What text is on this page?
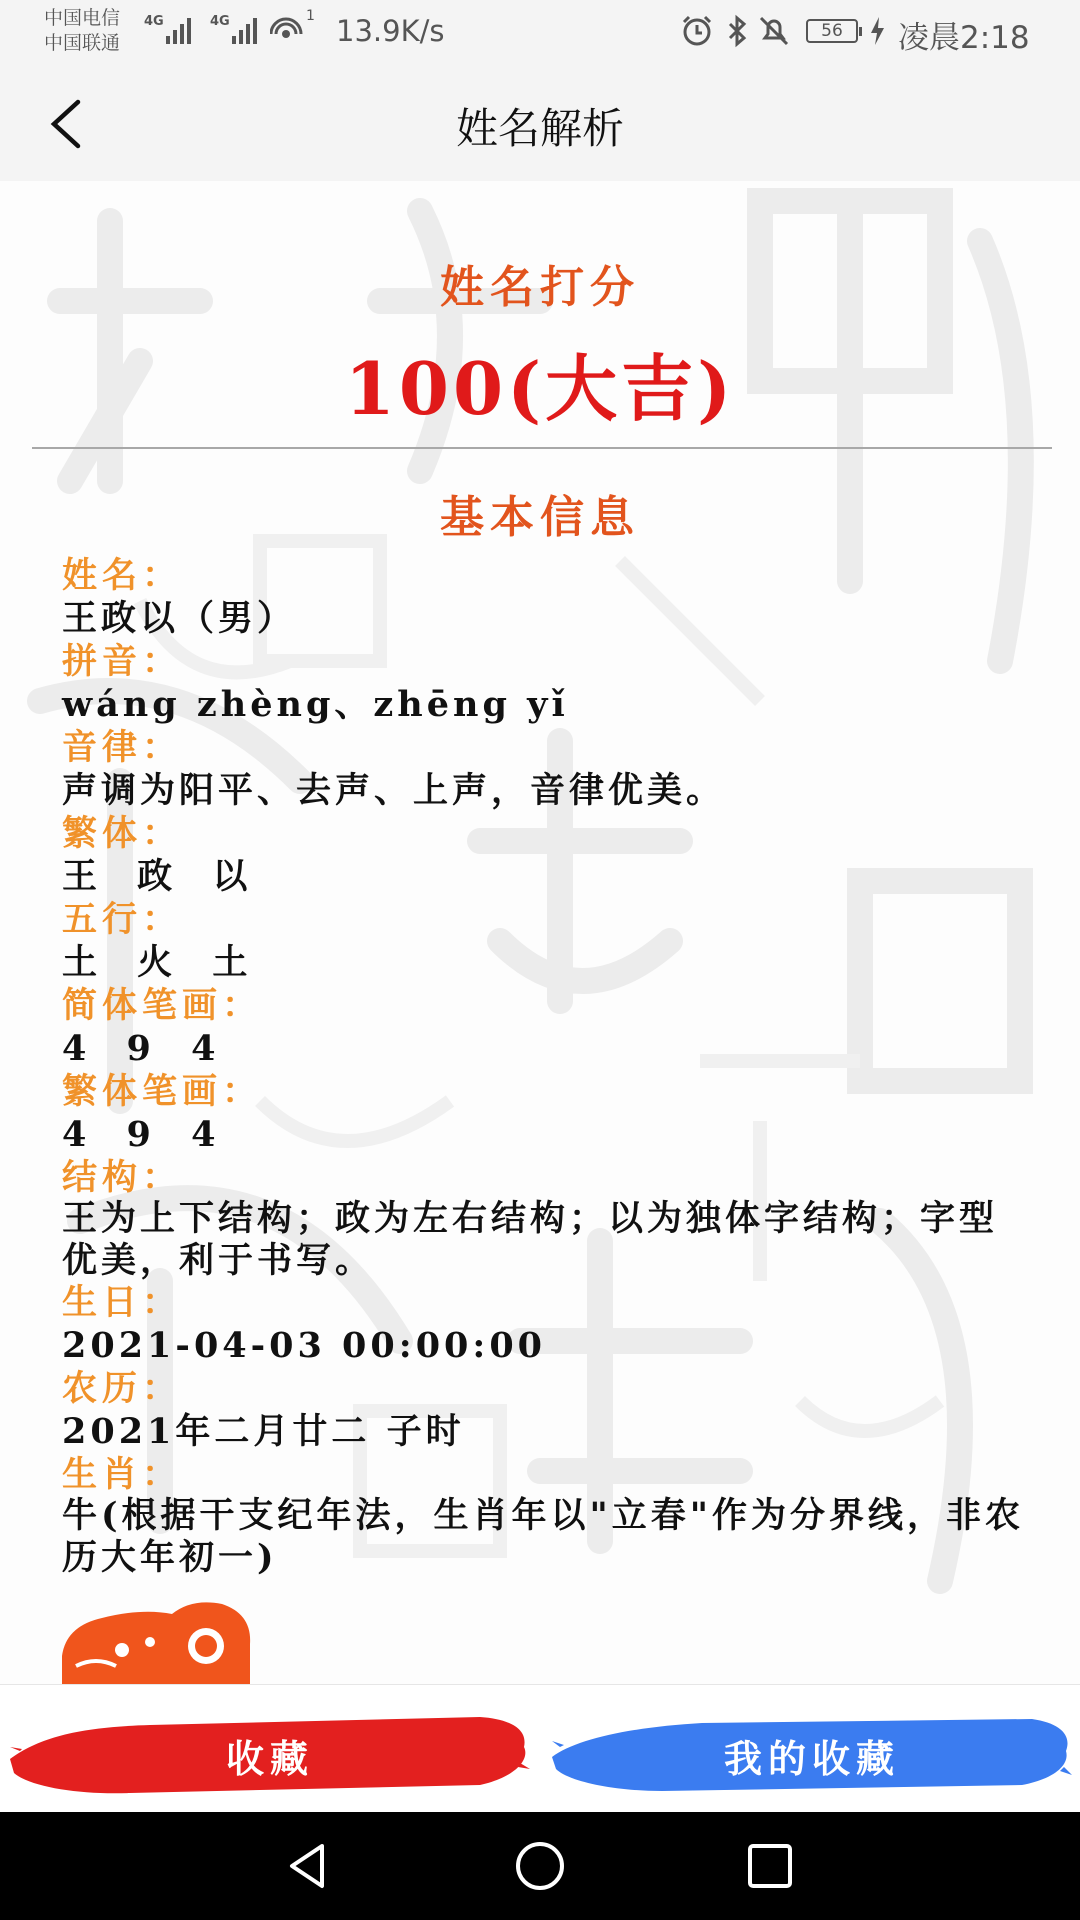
中国电信
中国联通
4G	4G	1 13.9K/s	56	凌晨2:18
姓名解析
姓名打分
100(大吉)
基本信息
姓名：
王政以（男）
拼音：
wáng zhèng、zhēng yǐ
音律：
声调为阳平、去声、上声，音律优美。
繁体：
王 政 以
五行：
土 火 土
简体笔画：
4 9 4
繁体笔画：
4 9 4
结构：
王为上下结构；政为左右结构；以为独体字结构；字型优美，利于书写。
生日：
2021-04-03 00:00:00
农历：
2021年二月廿二 子时
生肖：
牛(根据干支纪年法，生肖年以"立春"作为分界线，非农历大年初一)
收藏	我的收藏
